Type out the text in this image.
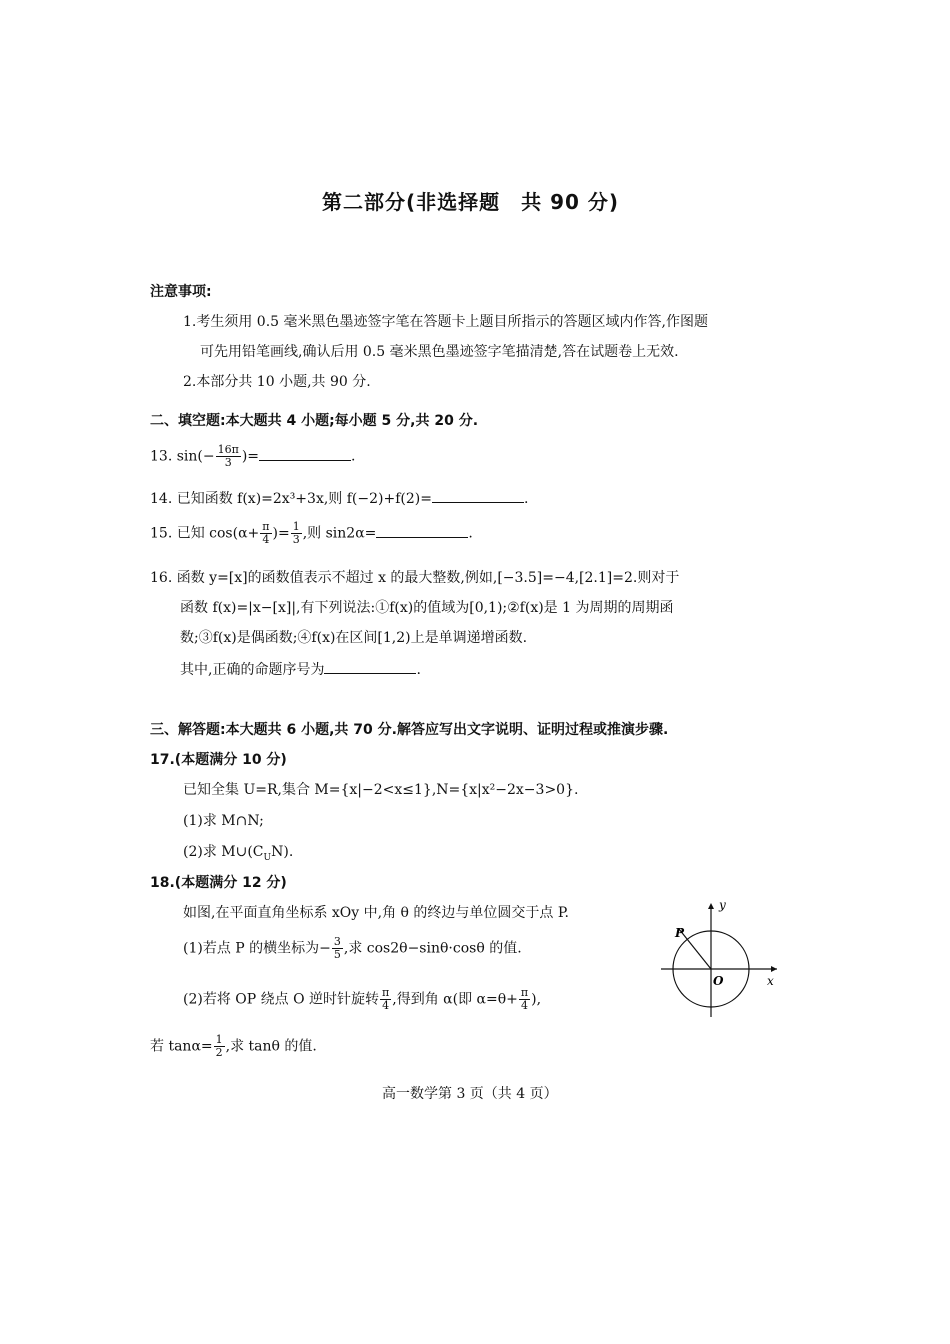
第二部分(非选择题　共 90 分)
注意事项:
1.考生须用 0.5 毫米黑色墨迹签字笔在答题卡上题目所指示的答题区域内作答,作图题
可先用铅笔画线,确认后用 0.5 毫米黑色墨迹签字笔描清楚,答在试题卷上无效.
2.本部分共 10 小题,共 90 分.
二、填空题:本大题共 4 小题;每小题 5 分,共 20 分.
13. $\sin(- \frac{16\pi}{3}$ )=	.
14. 已知函数 f(x)=2x³+3x,则 f(−2)+f(2)=	.
15. 已知 $\cos(\alpha+ \frac{\pi}{4}$ )= $\frac{1}{3}$ ,则 sin2α=	.
16. 函数 y=[x]的函数值表示不超过 x 的最大整数,例如,[−3.5]=−4,[2.1]=2.则对于
函数 f(x)=|x−[x]|,有下列说法:①f(x)的值域为[0,1);②f(x)是 1 为周期的周期函
数;③f(x)是偶函数;④f(x)在区间[1,2)上是单调递增函数.
其中,正确的命题序号为	.
三、解答题:本大题共 6 小题,共 70 分.解答应写出文字说明、证明过程或推演步骤.
17.(本题满分 10 分)
已知全集 U=R,集合 M={x|−2<x≤1},N={x|x²−2x−3>0}.
(1)求 M∩N;
(2)求 $M\cup(C_UN)$.
18.(本题满分 12 分)
如图,在平面直角坐标系 xOy 中,角 θ 的终边与单位圆交于点 P.
(1)若点 P 的横坐标为− $\frac{3}{5}$ ,求 cos2θ−sinθ·cosθ 的值.
(2)若将 OP 绕点 O 逆时针旋转 $\frac{\pi}{4}$ ,得到角 α(即 $\alpha=\theta+ \frac{\pi}{4}$ ),
若 $\tan\alpha= \frac{1}{2}$ ,求 tanθ 的值.
y
x
O
P
高一数学第 3 页（共 4 页）
